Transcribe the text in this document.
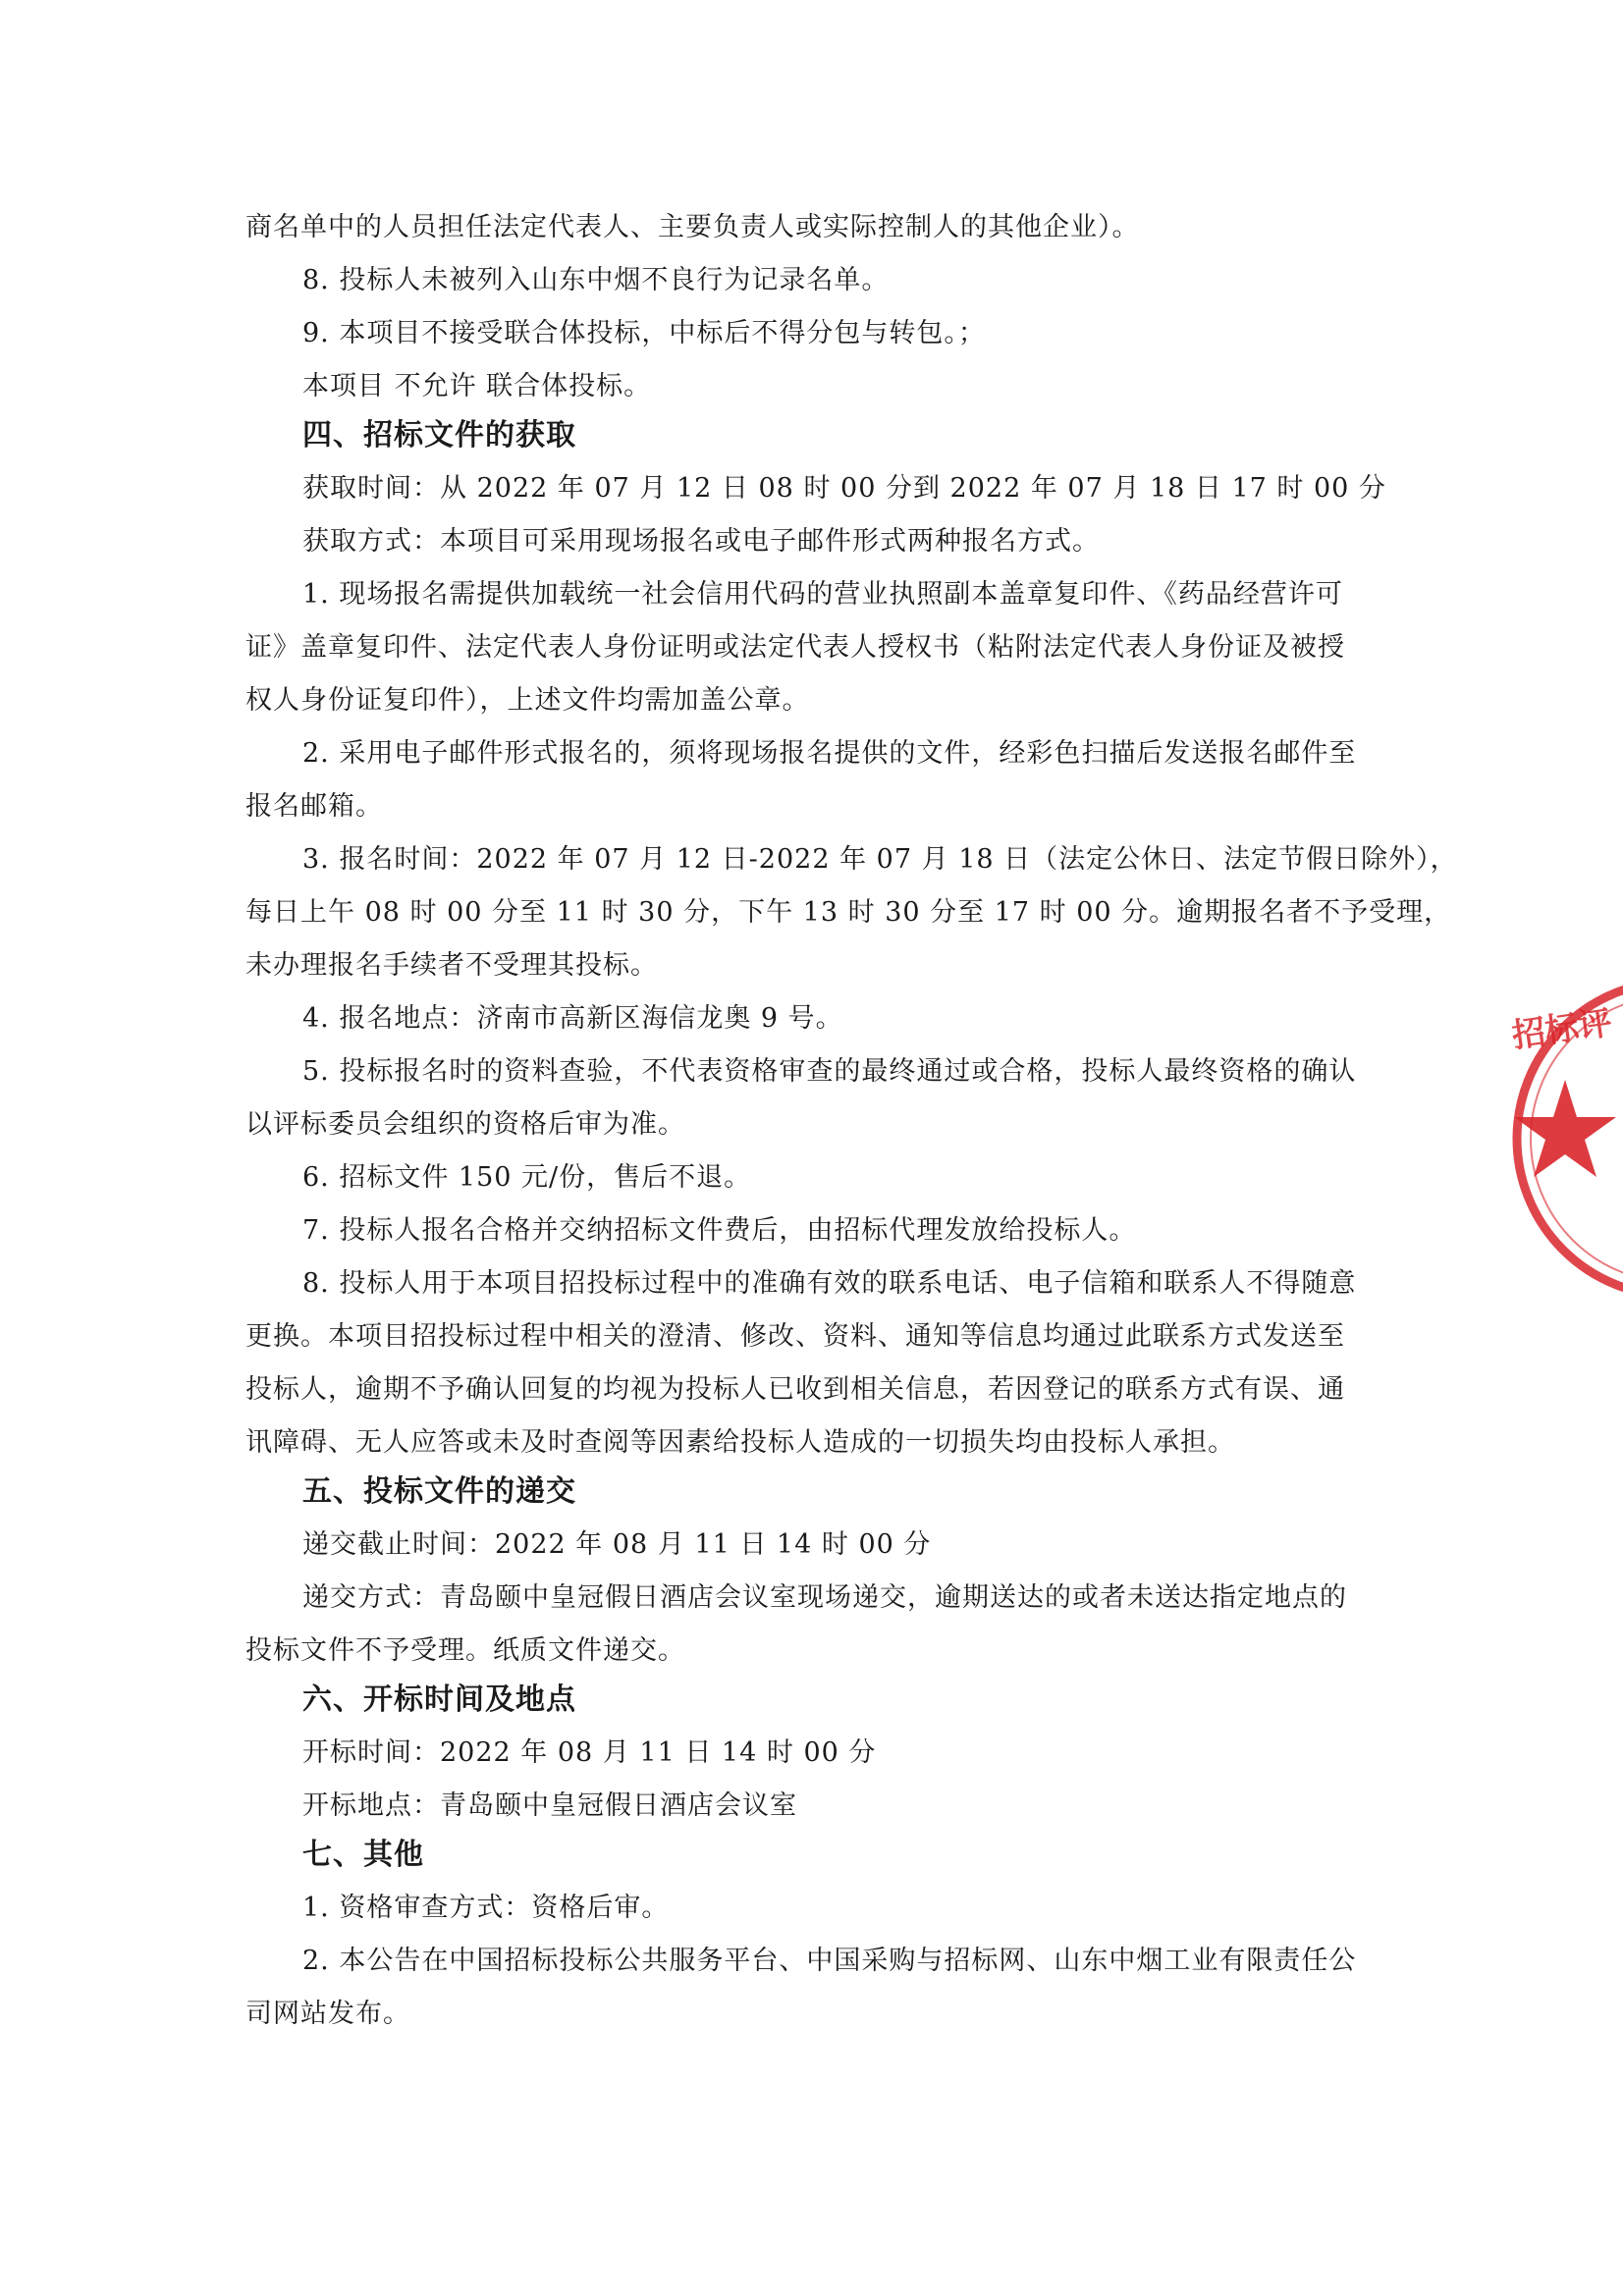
商名单中的人员担任法定代表人、主要负责人或实际控制人的其他企业）。
8. 投标人未被列入山东中烟不良行为记录名单。
9. 本项目不接受联合体投标，中标后不得分包与转包。；
本项目 不允许 联合体投标。
四、招标文件的获取
获取时间：从 2022 年 07 月 12 日 08 时 00 分到 2022 年 07 月 18 日 17 时 00 分
获取方式：本项目可采用现场报名或电子邮件形式两种报名方式。
1. 现场报名需提供加载统一社会信用代码的营业执照副本盖章复印件、《药品经营许可
证》盖章复印件、法定代表人身份证明或法定代表人授权书（粘附法定代表人身份证及被授
权人身份证复印件），上述文件均需加盖公章。
2. 采用电子邮件形式报名的，须将现场报名提供的文件，经彩色扫描后发送报名邮件至
报名邮箱。
3. 报名时间：2022 年 07 月 12 日-2022 年 07 月 18 日（法定公休日、法定节假日除外），
每日上午 08 时 00 分至 11 时 30 分，下午 13 时 30 分至 17 时 00 分。逾期报名者不予受理，
未办理报名手续者不受理其投标。
4. 报名地点：济南市高新区海信龙奥 9 号。
5. 投标报名时的资料查验，不代表资格审查的最终通过或合格，投标人最终资格的确认
以评标委员会组织的资格后审为准。
6. 招标文件 150 元/份，售后不退。
7. 投标人报名合格并交纳招标文件费后，由招标代理发放给投标人。
8. 投标人用于本项目招投标过程中的准确有效的联系电话、电子信箱和联系人不得随意
更换。本项目招投标过程中相关的澄清、修改、资料、通知等信息均通过此联系方式发送至
投标人，逾期不予确认回复的均视为投标人已收到相关信息，若因登记的联系方式有误、通
讯障碍、无人应答或未及时查阅等因素给投标人造成的一切损失均由投标人承担。
五、投标文件的递交
递交截止时间：2022 年 08 月 11 日 14 时 00 分
递交方式：青岛颐中皇冠假日酒店会议室现场递交，逾期送达的或者未送达指定地点的
投标文件不予受理。纸质文件递交。
六、开标时间及地点
开标时间：2022 年 08 月 11 日 14 时 00 分
开标地点：青岛颐中皇冠假日酒店会议室
七、其他
1. 资格审查方式：资格后审。
2. 本公告在中国招标投标公共服务平台、中国采购与招标网、山东中烟工业有限责任公
司网站发布。
招标评
